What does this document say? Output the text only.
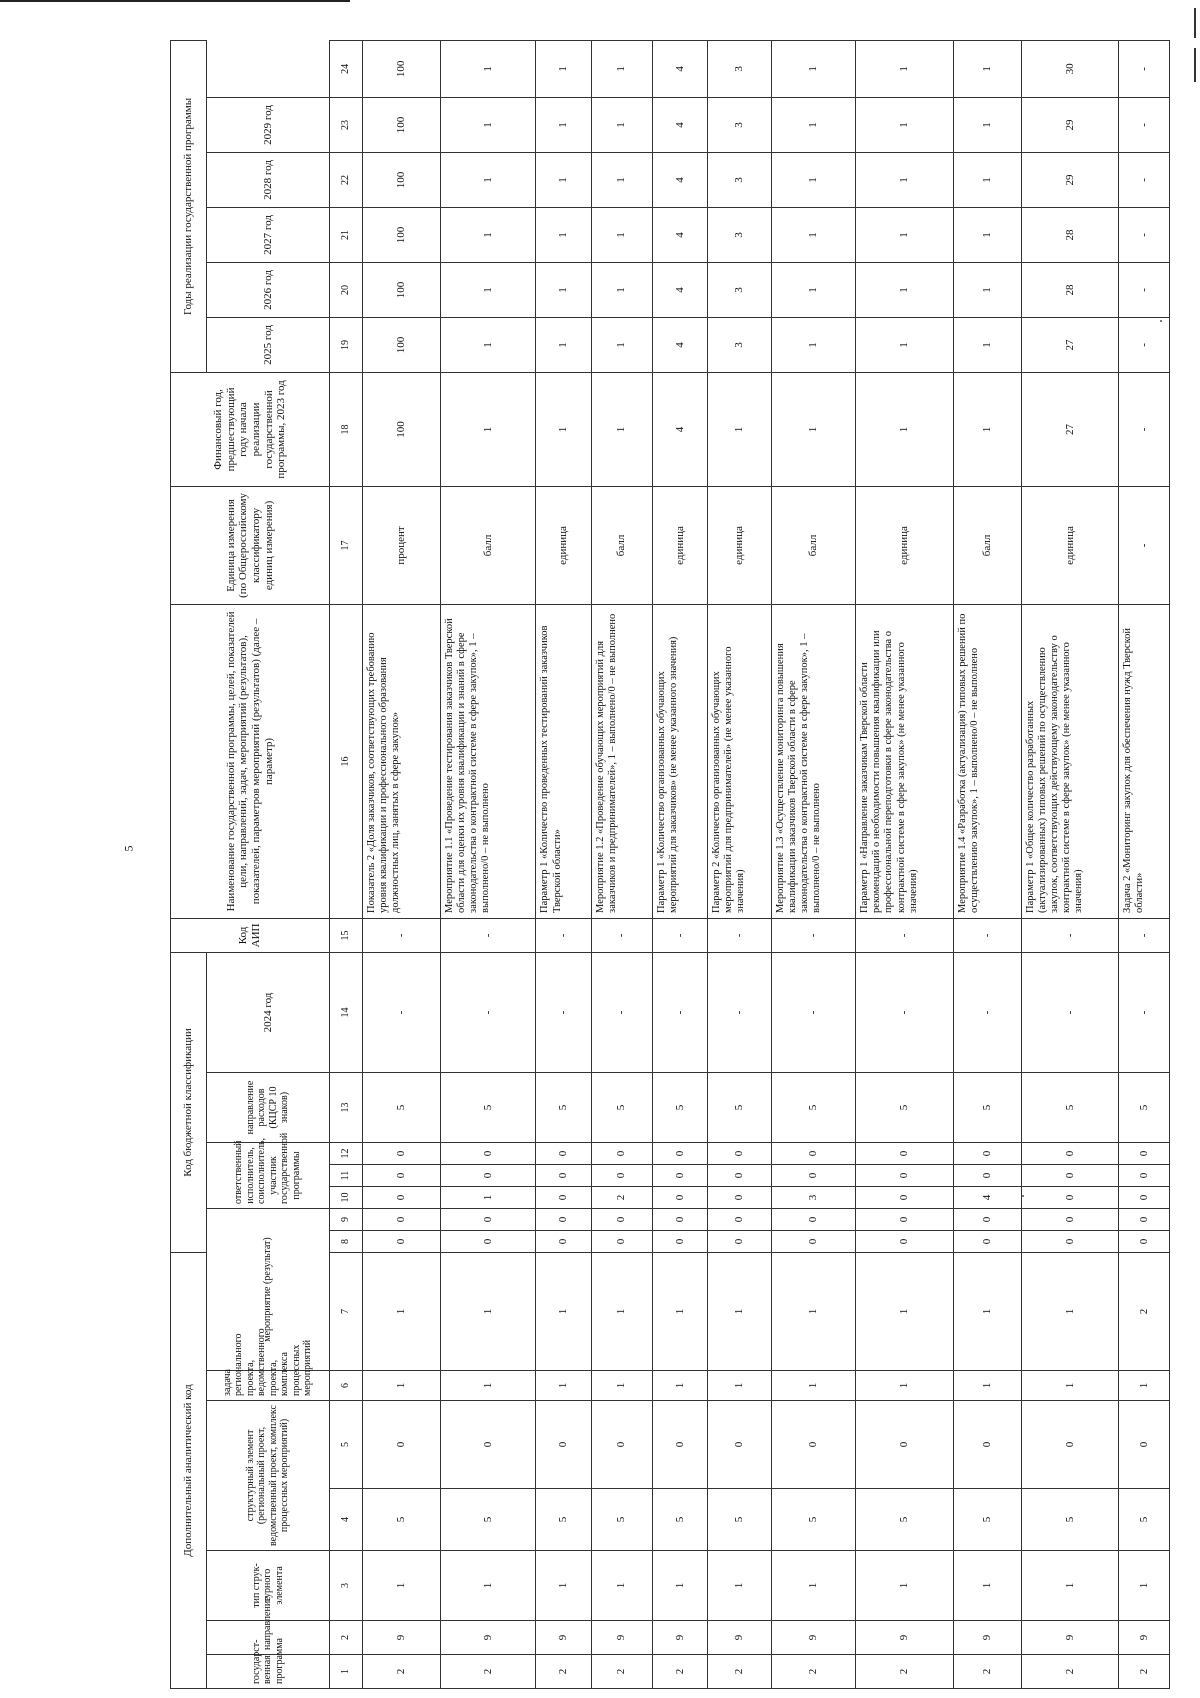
5
Дополнительный аналитический код							Код бюджетной классификации							Код АИП	Наименование государственной программы, целей, показателей цели, направлений, задач, мероприятий (результатов), показателей, параметров мероприятий (результатов) (далее – параметр)	Единица измерения (по Общероссийскому классификатору единиц измерения)	Финансовый год, предшествующий году начала реализации государственной программы, 2023 год	Годы реализации государственной программы					
государст-венная программа	направление	тип струк-турного элемента	структурный элемент (региональный проект, ведомственный проект, комплекс процессных мероприятий)		задача регионального проекта, ведомственного проекта, комплекса процессных мероприятий	мероприятие (результат)			ответственный исполнитель, соисполнитель, участник государственной программы			направление расходов (КЦСР 10 знаков)	2024 год					2025 год	2026 год	2027 год	2028 год	2029 год	

1	2	3	4	5	6	7	8	9	10	11	12	13	14	15	16	17	18	19	20	21	22	23	24
2	9	1	5	0	1	1	0	0	0	0	0	5	-	-	Показатель 2 «Доля заказчиков, соответствующих требованию уровня квалификации и профессионального образования должностных лиц, занятых в сфере закупок»	процент	100	100	100	100	100	100	100
2	9	1	5	0	1	1	0	0	1	0	0	5	-	-	Мероприятие 1.1 «Проведение тестирования заказчиков Тверской области для оценки их уровня квалификации и знаний в сфере законодательства о контрактной системе в сфере закупок», 1 – выполнено/0 – не выполнено	балл	1	1	1	1	1	1	1
2	9	1	5	0	1	1	0	0	0	0	0	5	-	-	Параметр 1 «Количество проведенных тестирований заказчиков Тверской области»	единица	1	1	1	1	1	1	1
2	9	1	5	0	1	1	0	0	2	0	0	5	-	-	Мероприятие 1.2 «Проведение обучающих мероприятий для заказчиков и предпринимателей», 1 – выполнено/0 – не выполнено	балл	1	1	1	1	1	1	1
2	9	1	5	0	1	1	0	0	0	0	0	5	-	-	Параметр 1 «Количество организованных обучающих мероприятий для заказчиков» (не менее указанного значения)	единица	4	4	4	4	4	4	4
2	9	1	5	0	1	1	0	0	0	0	0	5	-	-	Параметр 2 «Количество организованных обучающих мероприятий для предпринимателей» (не менее указанного значения)	единица	1	3	3	3	3	3	3
2	9	1	5	0	1	1	0	0	3	0	0	5	-	-	Мероприятие 1.3 «Осуществление мониторинга повышения квалификации заказчиков Тверской области в сфере законодательства о контрактной системе в сфере закупок», 1 – выполнено/0 – не выполнено	балл	1	1	1	1	1	1	1
2	9	1	5	0	1	1	0	0	0	0	0	5	-	-	Параметр 1 «Направление заказчикам Тверской области рекомендаций о необходимости повышения квалификации или профессиональной переподготовки в сфере законодательства о контрактной системе в сфере закупок» (не менее указанного значения)	единица	1	1	1	1	1	1	1
2	9	1	5	0	1	1	0	0	4	0	0	5	-	-	Мероприятие 1.4 «Разработка (актуализация) типовых решений по осуществлению закупок», 1 – выполнено/0 – не выполнено	балл	1	1	1	1	1	1	1
2	9	1	5	0	1	1	0	0	0	0	0	5	-	-	Параметр 1 «Общее количество разработанных (актуализированных) типовых решений по осуществлению закупок, соответствующих действующему законодательству о контрактной системе в сфере закупок» (не менее указанного значения)	единица	27	27	28	28	29	29	30
2	9	1	5	0	1	2	0	0	0	0	0	5	-	-	Задача 2 «Мониторинг закупок для обеспечения нужд Тверской области»	-	-	-	-	-	-	-	-
